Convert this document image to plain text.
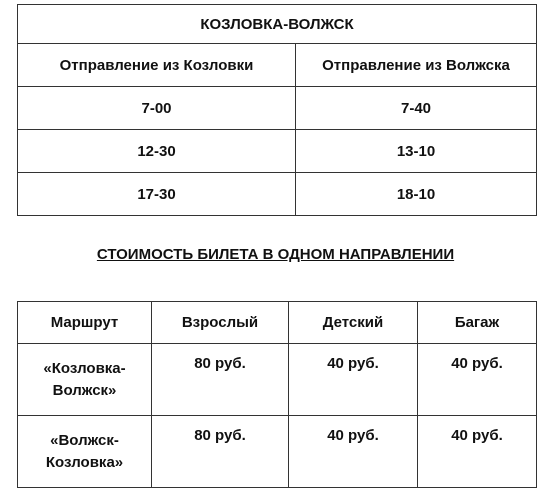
КОЗЛОВКА-ВОЛЖСК	
Отправление из Козловки	Отправление из Волжска
7-00	7-40
12-30	13-10
17-30	18-10
СТОИМОСТЬ БИЛЕТА В ОДНОМ НАПРАВЛЕНИИ
Маршрут	Взрослый	Детский	Багаж
«Козловка-
Волжск»	80 руб.	40 руб.	40 руб.
«Волжск-
Козловка»	80 руб.	40 руб.	40 руб.
